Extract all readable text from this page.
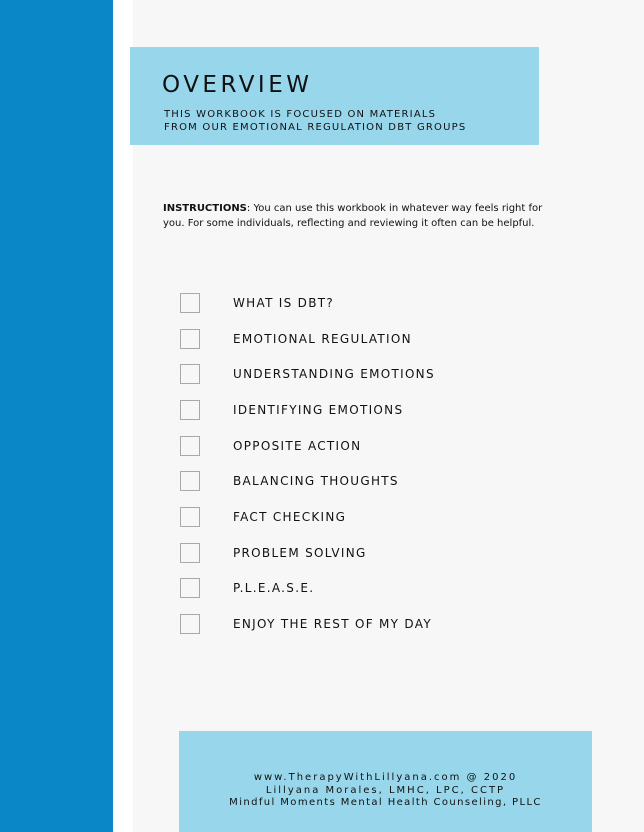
OVERVIEW
THIS WORKBOOK IS FOCUSED ON MATERIALS
FROM OUR EMOTIONAL REGULATION DBT GROUPS
INSTRUCTIONS: You can use this workbook in whatever way feels right for you. For some individuals, reflecting and reviewing it often can be helpful.
WHAT IS DBT?
EMOTIONAL REGULATION
UNDERSTANDING EMOTIONS
IDENTIFYING EMOTIONS
OPPOSITE ACTION
BALANCING THOUGHTS
FACT CHECKING
PROBLEM SOLVING
P.L.E.A.S.E.
ENJOY THE REST OF MY DAY
www.TherapyWithLillyana.com @ 2020
Lillyana Morales, LMHC, LPC, CCTP
Mindful Moments Mental Health Counseling, PLLC
